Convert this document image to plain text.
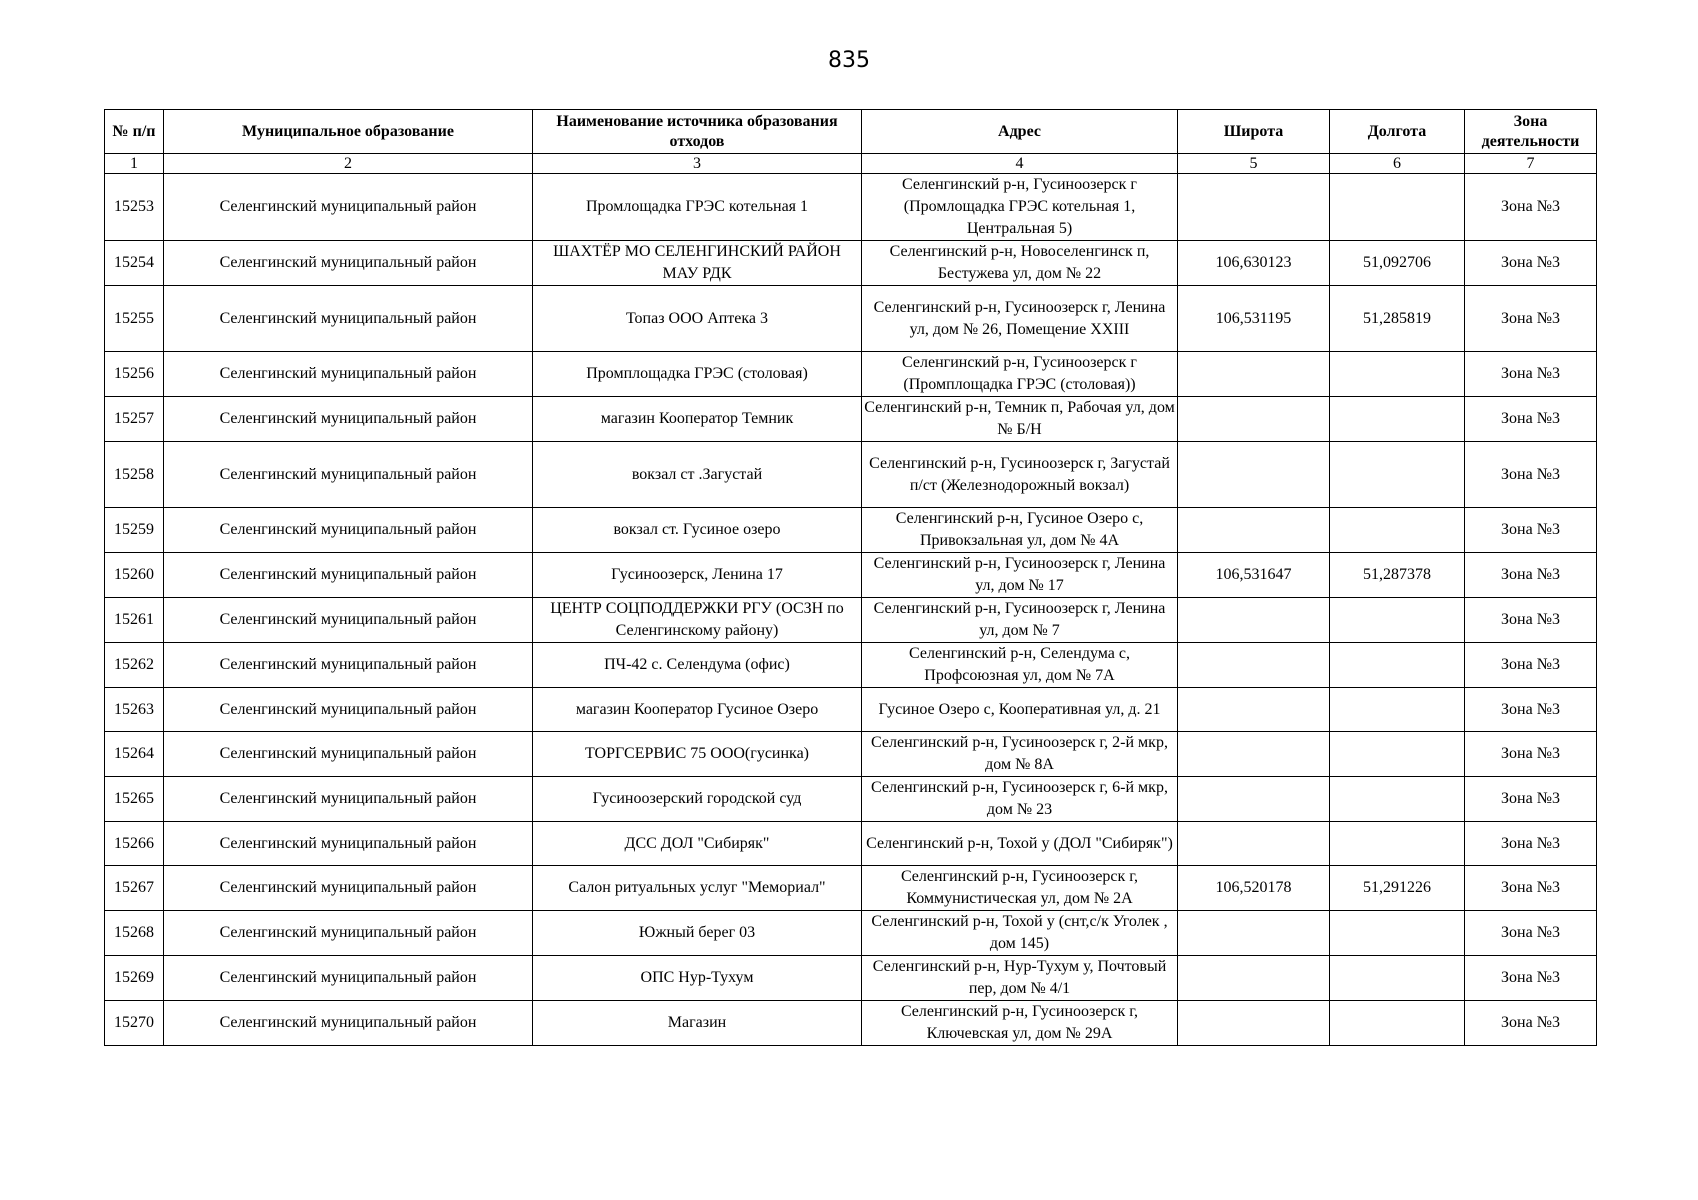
835
№ п/п	Муниципальное образование	Наименование источника образования отходов	Адрес	Широта	Долгота	Зона деятельности
1	2	3	4	5	6	7
15253	Селенгинский муниципальный район	Промлощадка ГРЭС котельная 1	Селенгинский р-н, Гусиноозерск г (Промлощадка ГРЭС котельная 1, Центральная 5)			Зона №3
15254	Селенгинский муниципальный район	ШАХТЁР МО СЕЛЕНГИНСКИЙ РАЙОН МАУ РДК	Селенгинский р-н, Новоселенгинск п, Бестужева ул, дом № 22	106,630123	51,092706	Зона №3
15255	Селенгинский муниципальный район	Топаз ООО Аптека 3	Селенгинский р-н, Гусиноозерск г, Ленина ул, дом № 26, Помещение XXIII	106,531195	51,285819	Зона №3
15256	Селенгинский муниципальный район	Промплощадка ГРЭС (столовая)	Селенгинский р-н, Гусиноозерск г (Промплощадка ГРЭС (столовая))			Зона №3
15257	Селенгинский муниципальный район	магазин Кооператор Темник	Селенгинский р-н, Темник п, Рабочая ул, дом № Б/Н			Зона №3
15258	Селенгинский муниципальный район	вокзал ст .Загустай	Селенгинский р-н, Гусиноозерск г, Загустай п/ст (Железнодорожный вокзал)			Зона №3
15259	Селенгинский муниципальный район	вокзал ст. Гусиное озеро	Селенгинский р-н, Гусиное Озеро с, Привокзальная ул, дом № 4А			Зона №3
15260	Селенгинский муниципальный район	Гусиноозерск, Ленина 17	Селенгинский р-н, Гусиноозерск г, Ленина ул, дом № 17	106,531647	51,287378	Зона №3
15261	Селенгинский муниципальный район	ЦЕНТР СОЦПОДДЕРЖКИ РГУ (ОСЗН по Селенгинскому району)	Селенгинский р-н, Гусиноозерск г, Ленина ул, дом № 7			Зона №3
15262	Селенгинский муниципальный район	ПЧ-42 с. Селендума (офис)	Селенгинский р-н, Селендума с, Профсоюзная ул, дом № 7А			Зона №3
15263	Селенгинский муниципальный район	магазин Кооператор Гусиное Озеро	Гусиное Озеро с, Кооперативная ул, д. 21			Зона №3
15264	Селенгинский муниципальный район	ТОРГСЕРВИС 75 ООО(гусинка)	Селенгинский р-н, Гусиноозерск г, 2-й мкр, дом № 8А			Зона №3
15265	Селенгинский муниципальный район	Гусиноозерский городской суд	Селенгинский р-н, Гусиноозерск г, 6-й мкр, дом № 23			Зона №3
15266	Селенгинский муниципальный район	ДСС ДОЛ "Сибиряк"	Селенгинский р-н, Тохой у (ДОЛ "Сибиряк")			Зона №3
15267	Селенгинский муниципальный район	Салон ритуальных услуг "Мемориал"	Селенгинский р-н, Гусиноозерск г, Коммунистическая ул, дом № 2А	106,520178	51,291226	Зона №3
15268	Селенгинский муниципальный район	Южный берег 03	Селенгинский р-н, Тохой у (снт,с/к Уголек , дом 145)			Зона №3
15269	Селенгинский муниципальный район	ОПС Нур-Тухум	Селенгинский р-н, Нур-Тухум у, Почтовый пер, дом № 4/1			Зона №3
15270	Селенгинский муниципальный район	Магазин	Селенгинский р-н, Гусиноозерск г, Ключевская ул, дом № 29А			Зона №3
